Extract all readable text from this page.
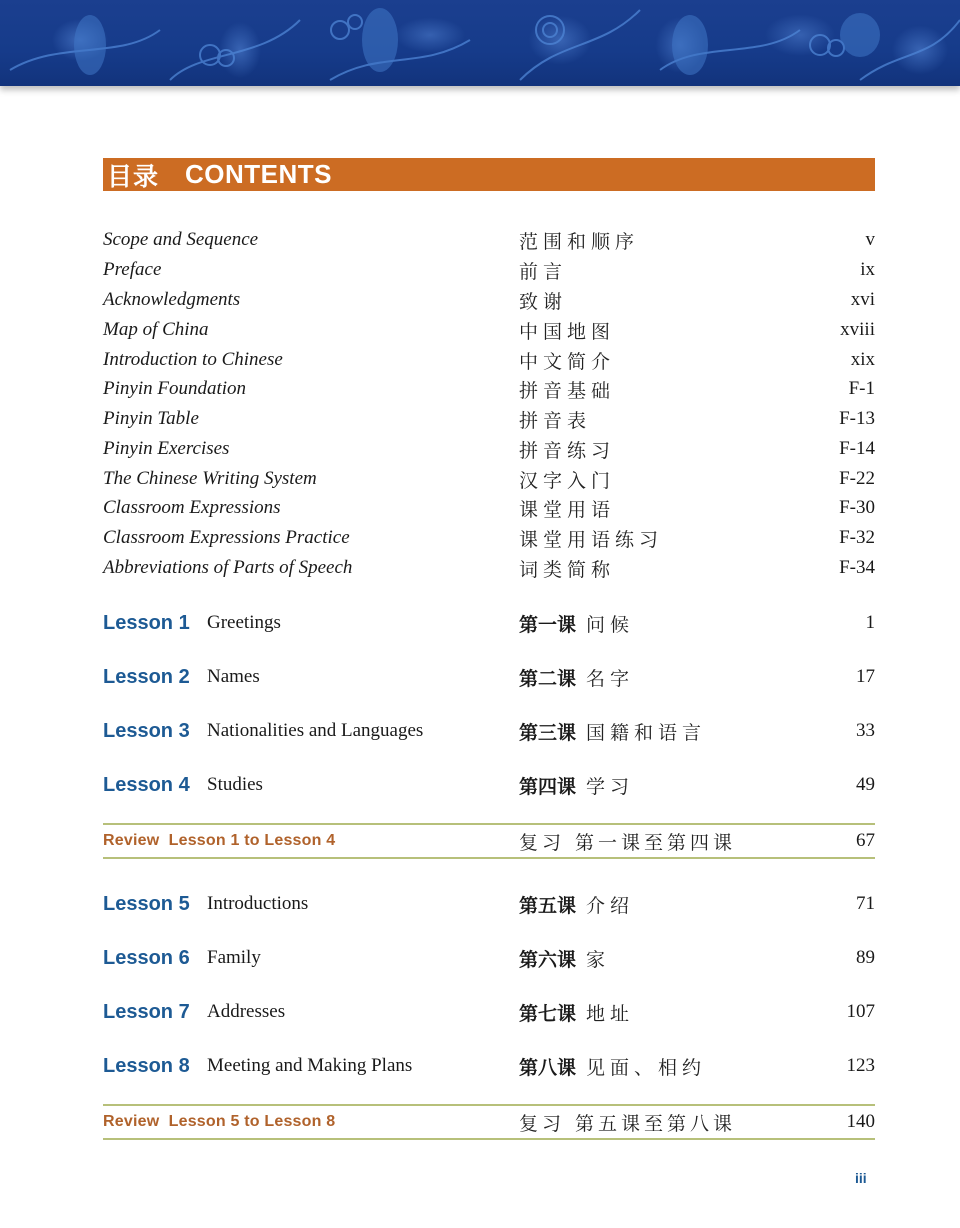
目录 CONTENTS
Scope and Sequence	范围和顺序	v
Preface	前言	ix
Acknowledgments	致谢	xvi
Map of China	中国地图	xviii
Introduction to Chinese	中文简介	xix
Pinyin Foundation	拼音基础	F-1
Pinyin Table	拼音表	F-13
Pinyin Exercises	拼音练习	F-14
The Chinese Writing System	汉字入门	F-22
Classroom Expressions	课堂用语	F-30
Classroom Expressions Practice	课堂用语练习	F-32
Abbreviations of Parts of Speech	词类简称	F-34
Lesson 1 Greetings	第一课 问候	1
Lesson 2 Names	第二课 名字	17
Lesson 3 Nationalities and Languages	第三课 国籍和语言	33
Lesson 4 Studies	第四课 学习	49
Review  Lesson 1 to Lesson 4	复习 第一课至第四课	67
Lesson 5 Introductions	第五课 介绍	71
Lesson 6 Family	第六课 家	89
Lesson 7 Addresses	第七课 地址	107
Lesson 8 Meeting and Making Plans	第八课 见面、相约	123
Review  Lesson 5 to Lesson 8	复习 第五课至第八课	140
iii
